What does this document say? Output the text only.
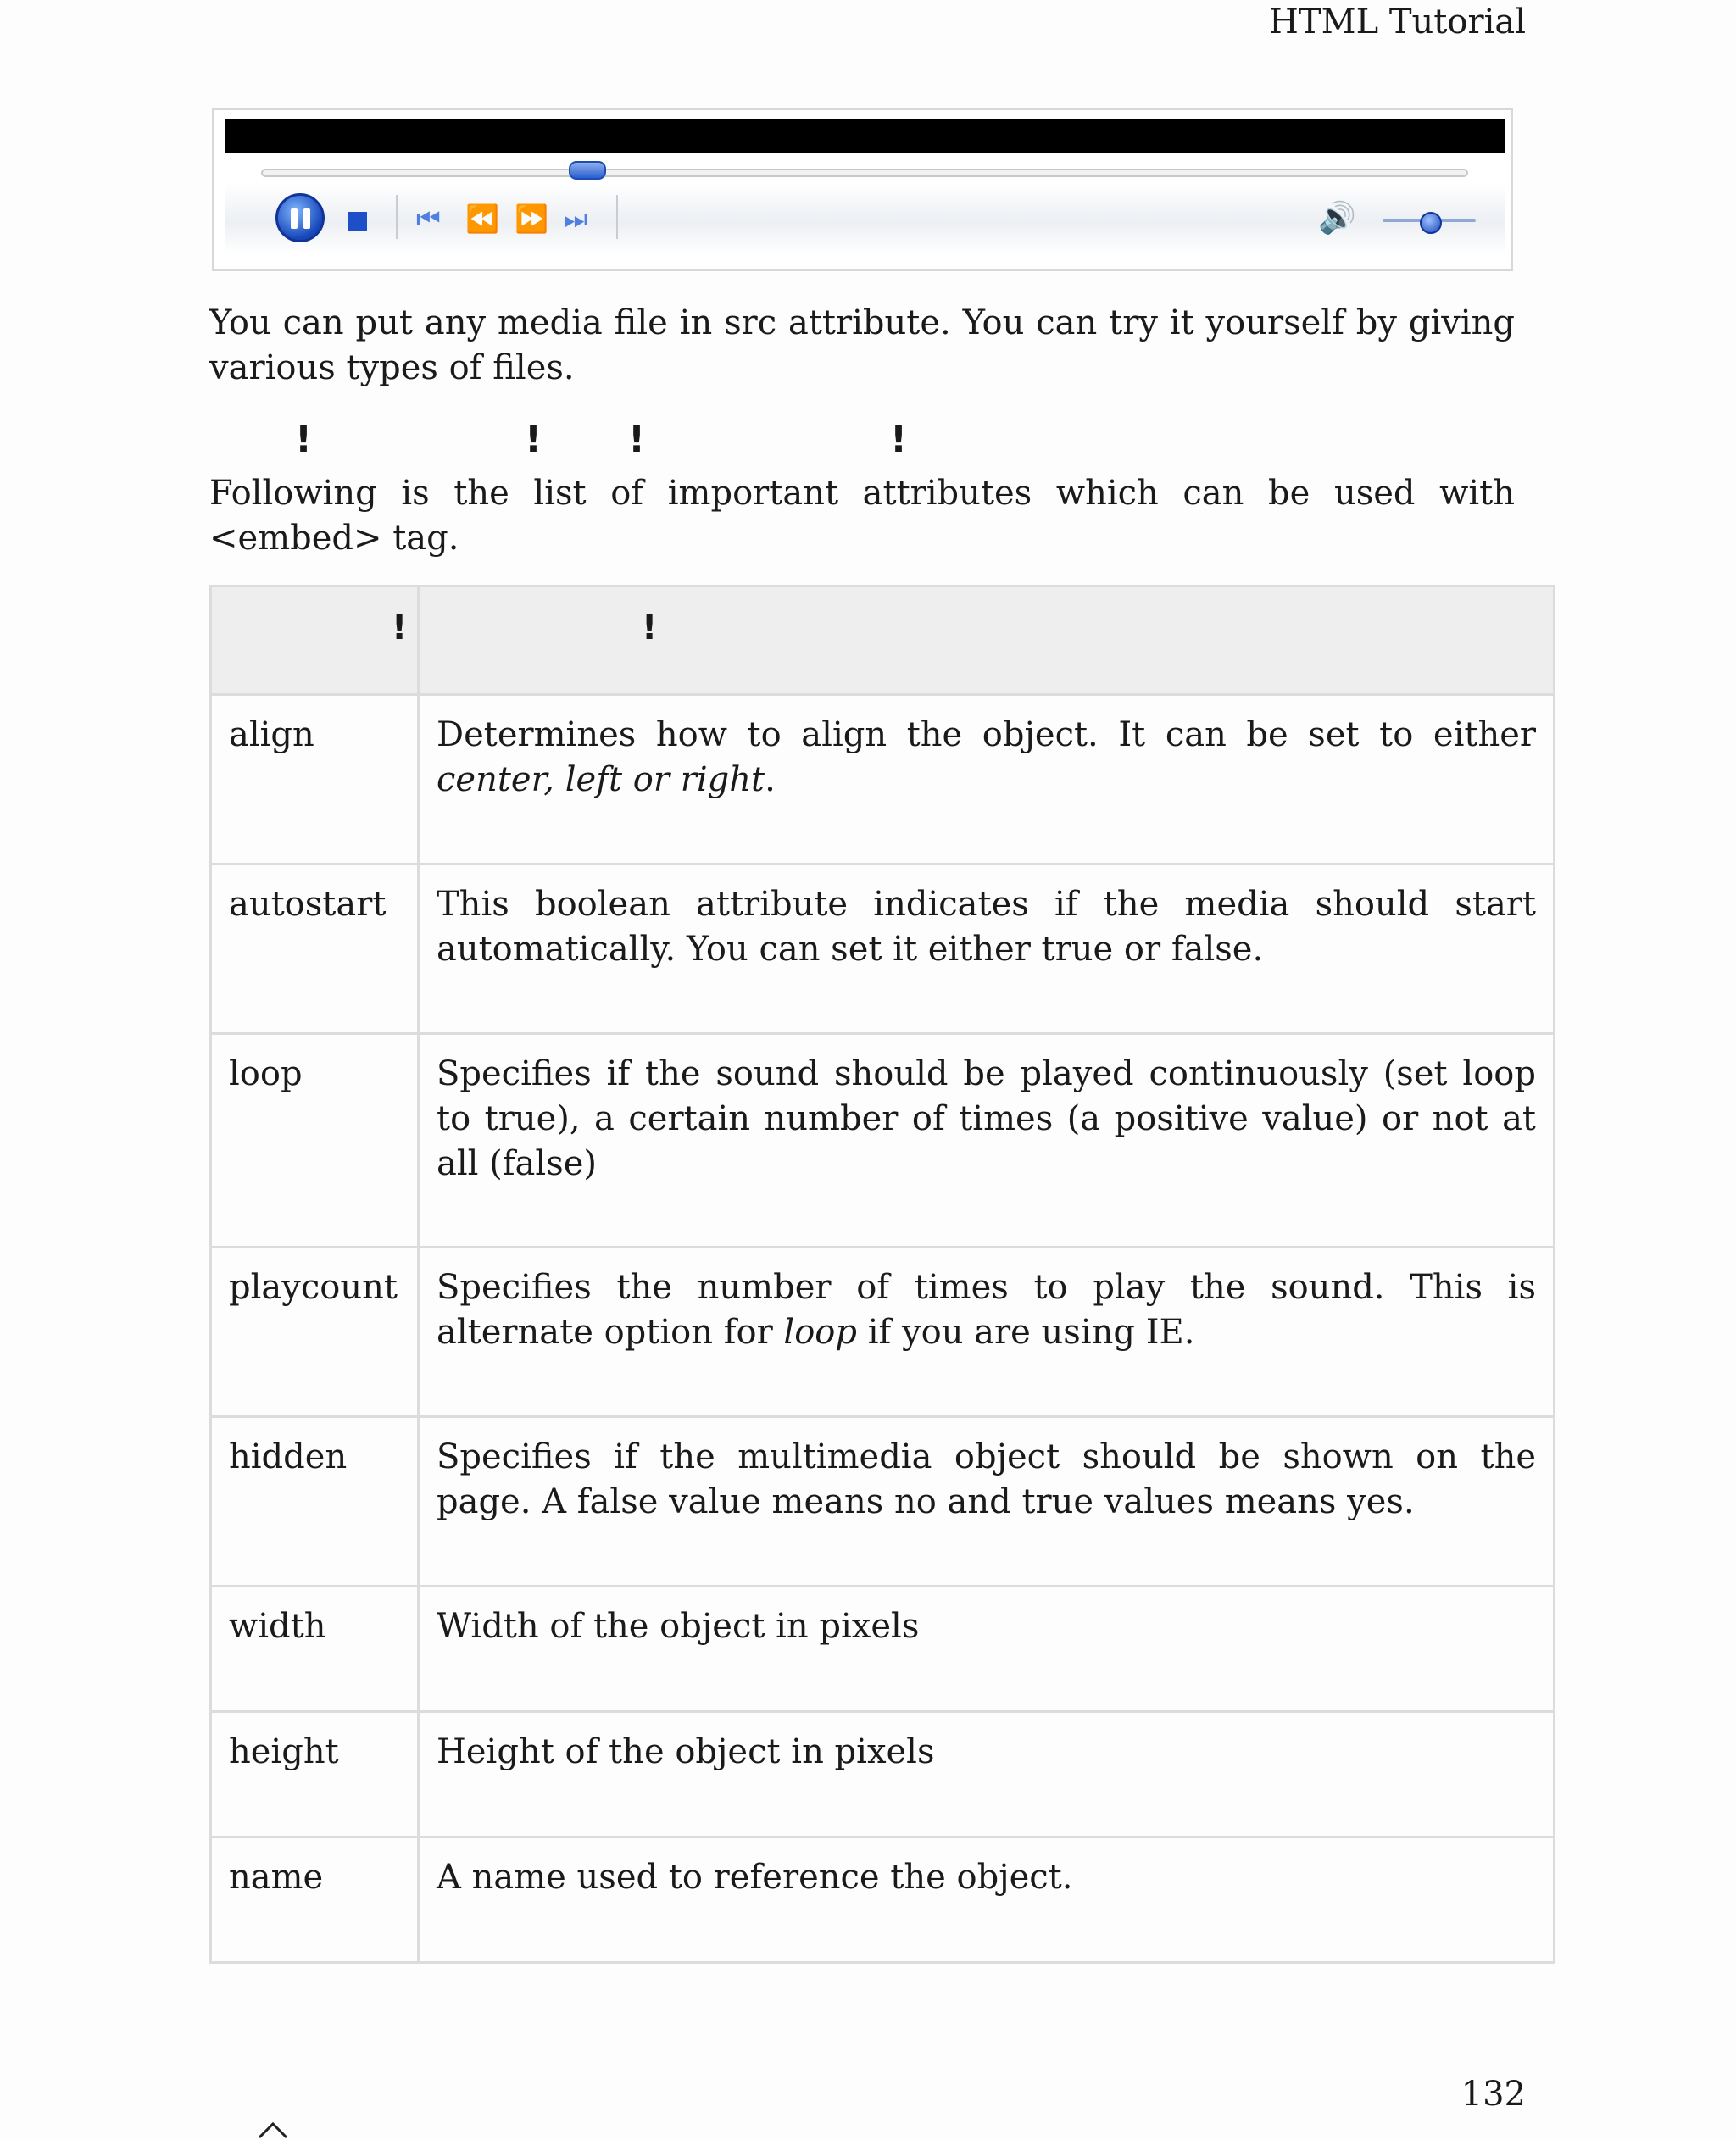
HTML Tutorial
⏮ ⏪ ⏩ ⏭	🔊

You can put any media file in src attribute. You can try it yourself by giving various types of files.

!	! !	!

Following is the list of important attributes which can be used with <embed> tag.

!	!

align	Determines how to align the object. It can be set to either center, left or right.
autostart	This boolean attribute indicates if the media should start automatically. You can set it either true or false.
loop	Specifies if the sound should be played continuously (set loop to true), a certain number of times (a positive value) or not at all (false)
playcount	Specifies the number of times to play the sound. This is alternate option for loop if you are using IE.
hidden	Specifies if the multimedia object should be shown on the page. A false value means no and true values means yes.
width	Width of the object in pixels
height	Height of the object in pixels
name	A name used to reference the object.
132
